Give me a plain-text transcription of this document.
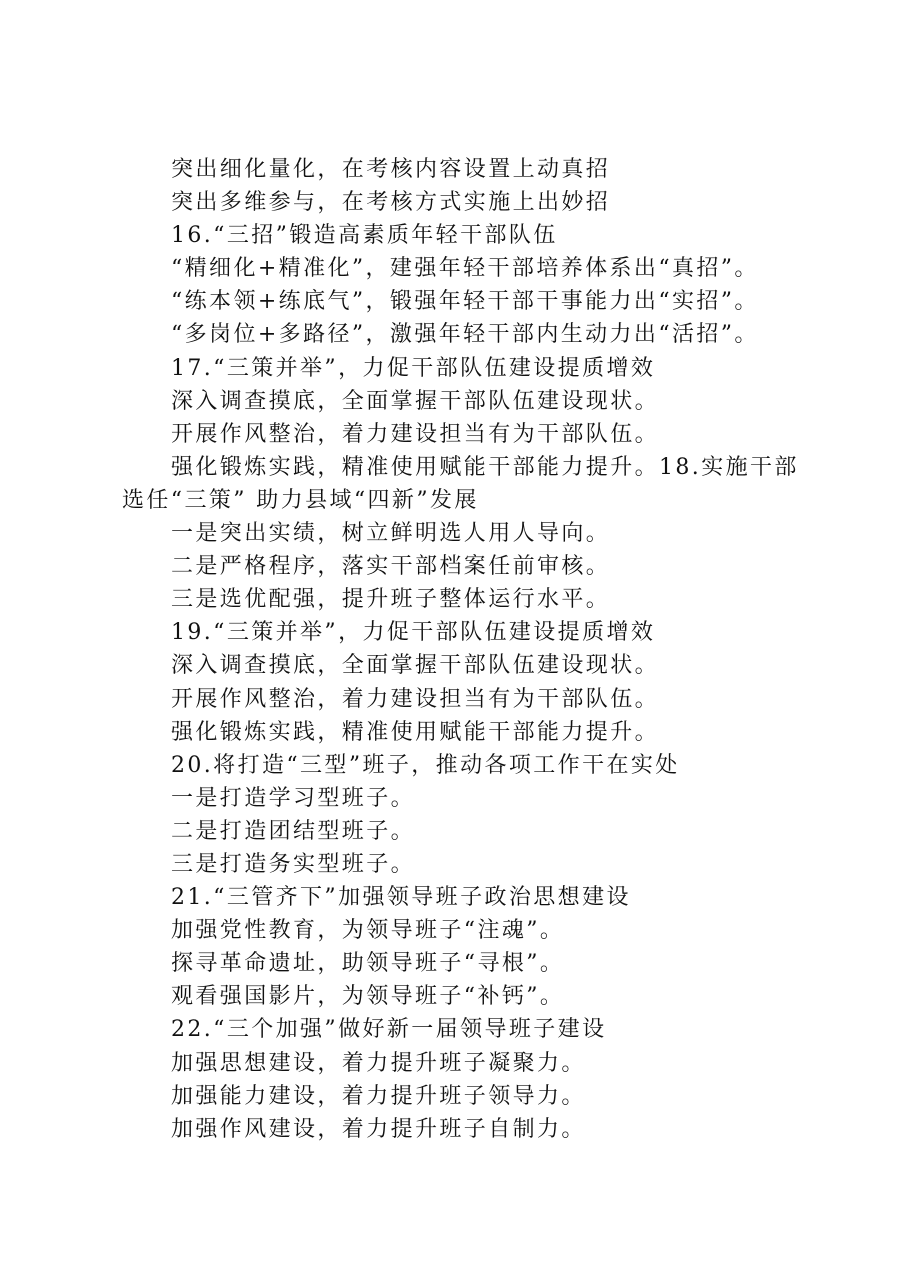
突出细化量化，在考核内容设置上动真招
突出多维参与，在考核方式实施上出妙招
16.“三招”锻造高素质年轻干部队伍
“精细化+精准化”，建强年轻干部培养体系出“真招”。
“练本领+练底气”，锻强年轻干部干事能力出“实招”。
“多岗位+多路径”，激强年轻干部内生动力出“活招”。
17.“三策并举”，力促干部队伍建设提质增效
深入调查摸底，全面掌握干部队伍建设现状。
开展作风整治，着力建设担当有为干部队伍。
强化锻炼实践，精准使用赋能干部能力提升。18.实施干部
选任“三策” 助力县域“四新”发展
一是突出实绩，树立鲜明选人用人导向。
二是严格程序，落实干部档案任前审核。
三是选优配强，提升班子整体运行水平。
19.“三策并举”，力促干部队伍建设提质增效
深入调查摸底，全面掌握干部队伍建设现状。
开展作风整治，着力建设担当有为干部队伍。
强化锻炼实践，精准使用赋能干部能力提升。
20.将打造“三型”班子，推动各项工作干在实处
一是打造学习型班子。
二是打造团结型班子。
三是打造务实型班子。
21.“三管齐下”加强领导班子政治思想建设
加强党性教育，为领导班子“注魂”。
探寻革命遗址，助领导班子“寻根”。
观看强国影片，为领导班子“补钙”。
22.“三个加强”做好新一届领导班子建设
加强思想建设，着力提升班子凝聚力。
加强能力建设，着力提升班子领导力。
加强作风建设，着力提升班子自制力。
